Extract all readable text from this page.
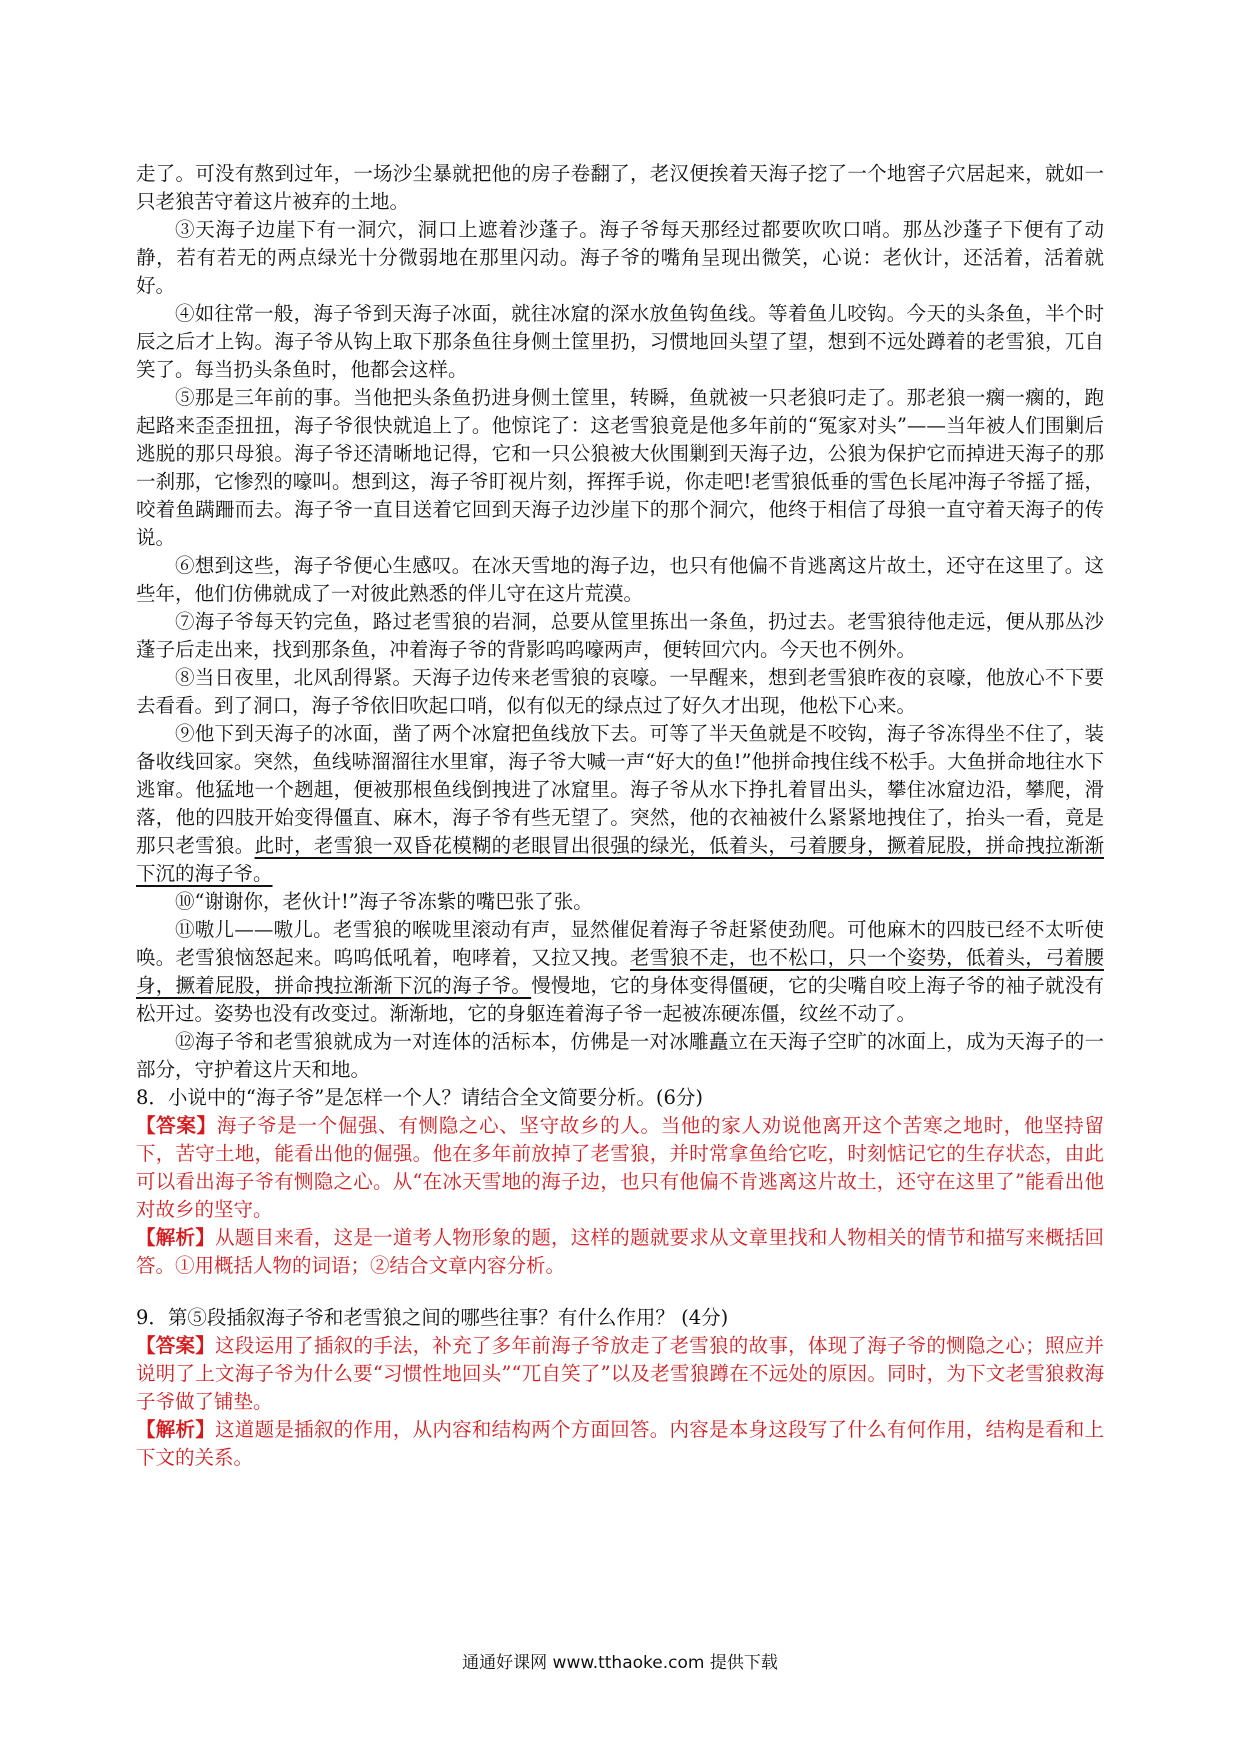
走了。可没有熬到过年，一场沙尘暴就把他的房子卷翻了，老汉便挨着天海子挖了一个地窖子穴居起来，就如一只老狼苦守着这片被弃的土地。

③天海子边崖下有一洞穴，洞口上遮着沙蓬子。海子爷每天那经过都要吹吹口哨。那丛沙蓬子下便有了动静，若有若无的两点绿光十分微弱地在那里闪动。海子爷的嘴角呈现出微笑，心说：老伙计，还活着，活着就好。

④如往常一般，海子爷到天海子冰面，就往冰窟的深水放鱼钩鱼线。等着鱼儿咬钩。今天的头条鱼，半个时辰之后才上钩。海子爷从钩上取下那条鱼往身侧土筐里扔，习惯地回头望了望，想到不远处蹲着的老雪狼，兀自笑了。每当扔头条鱼时，他都会这样。

⑤那是三年前的事。当他把头条鱼扔进身侧土筐里，转瞬，鱼就被一只老狼叼走了。那老狼一瘸一瘸的，跑起路来歪歪扭扭，海子爷很快就追上了。他惊诧了：这老雪狼竟是他多年前的“冤家对头”——当年被人们围剿后逃脱的那只母狼。海子爷还清晰地记得，它和一只公狼被大伙围剿到天海子边，公狼为保护它而掉进天海子的那一刹那，它惨烈的嚎叫。想到这，海子爷盯视片刻，挥挥手说，你走吧!老雪狼低垂的雪色长尾冲海子爷摇了摇，咬着鱼蹒跚而去。海子爷一直目送着它回到天海子边沙崖下的那个洞穴，他终于相信了母狼一直守着天海子的传说。

⑥想到这些，海子爷便心生感叹。在冰天雪地的海子边，也只有他偏不肯逃离这片故土，还守在这里了。这些年，他们仿佛就成了一对彼此熟悉的伴儿守在这片荒漠。

⑦海子爷每天钓完鱼，路过老雪狼的岩洞，总要从筐里拣出一条鱼，扔过去。老雪狼待他走远，便从那丛沙蓬子后走出来，找到那条鱼，冲着海子爷的背影呜呜嚎两声，便转回穴内。今天也不例外。

⑧当日夜里，北风刮得紧。天海子边传来老雪狼的哀嚎。一早醒来，想到老雪狼昨夜的哀嚎，他放心不下要去看看。到了洞口，海子爷依旧吹起口哨，似有似无的绿点过了好久才出现，他松下心来。

⑨他下到天海子的冰面，凿了两个冰窟把鱼线放下去。可等了半天鱼就是不咬钩，海子爷冻得坐不住了，装备收线回家。突然，鱼线哧溜溜往水里窜，海子爷大喊一声“好大的鱼!”他拼命拽住线不松手。大鱼拼命地往水下逃窜。他猛地一个趔趄，便被那根鱼线倒拽进了冰窟里。海子爷从水下挣扎着冒出头，攀住冰窟边沿，攀爬，滑落，他的四肢开始变得僵直、麻木，海子爷有些无望了。突然，他的衣袖被什么紧紧地拽住了，抬头一看，竟是那只老雪狼。此时，老雪狼一双昏花模糊的老眼冒出很强的绿光，低着头，弓着腰身，撅着屁股，拼命拽拉渐渐下沉的海子爷。

⑩“谢谢你，老伙计!”海子爷冻紫的嘴巴张了张。

⑪嗷儿——嗷儿。老雪狼的喉咙里滚动有声，显然催促着海子爷赶紧使劲爬。可他麻木的四肢已经不太听使唤。老雪狼恼怒起来。呜呜低吼着，咆哮着，又拉又拽。老雪狼不走，也不松口，只一个姿势，低着头，弓着腰身，撅着屁股，拼命拽拉渐渐下沉的海子爷。慢慢地，它的身体变得僵硬，它的尖嘴自咬上海子爷的袖子就没有松开过。姿势也没有改变过。渐渐地，它的身躯连着海子爷一起被冻硬冻僵，纹丝不动了。

⑫海子爷和老雪狼就成为一对连体的活标本，仿佛是一对冰雕矗立在天海子空旷的冰面上，成为天海子的一部分，守护着这片天和地。

8．小说中的“海子爷”是怎样一个人？请结合全文简要分析。(6分)

【答案】海子爷是一个倔强、有恻隐之心、坚守故乡的人。当他的家人劝说他离开这个苦寒之地时，他坚持留下，苦守土地，能看出他的倔强。他在多年前放掉了老雪狼，并时常拿鱼给它吃，时刻惦记它的生存状态，由此可以看出海子爷有恻隐之心。从“在冰天雪地的海子边，也只有他偏不肯逃离这片故土，还守在这里了”能看出他对故乡的坚守。

【解析】从题目来看，这是一道考人物形象的题，这样的题就要求从文章里找和人物相关的情节和描写来概括回答。①用概括人物的词语；②结合文章内容分析。

9．第⑤段插叙海子爷和老雪狼之间的哪些往事？有什么作用？ (4分)

【答案】这段运用了插叙的手法，补充了多年前海子爷放走了老雪狼的故事，体现了海子爷的恻隐之心；照应并说明了上文海子爷为什么要“习惯性地回头”“兀自笑了”以及老雪狼蹲在不远处的原因。同时，为下文老雪狼救海子爷做了铺垫。

【解析】这道题是插叙的作用，从内容和结构两个方面回答。内容是本身这段写了什么有何作用，结构是看和上下文的关系。

通通好课网 www.tthaoke.com 提供下载
